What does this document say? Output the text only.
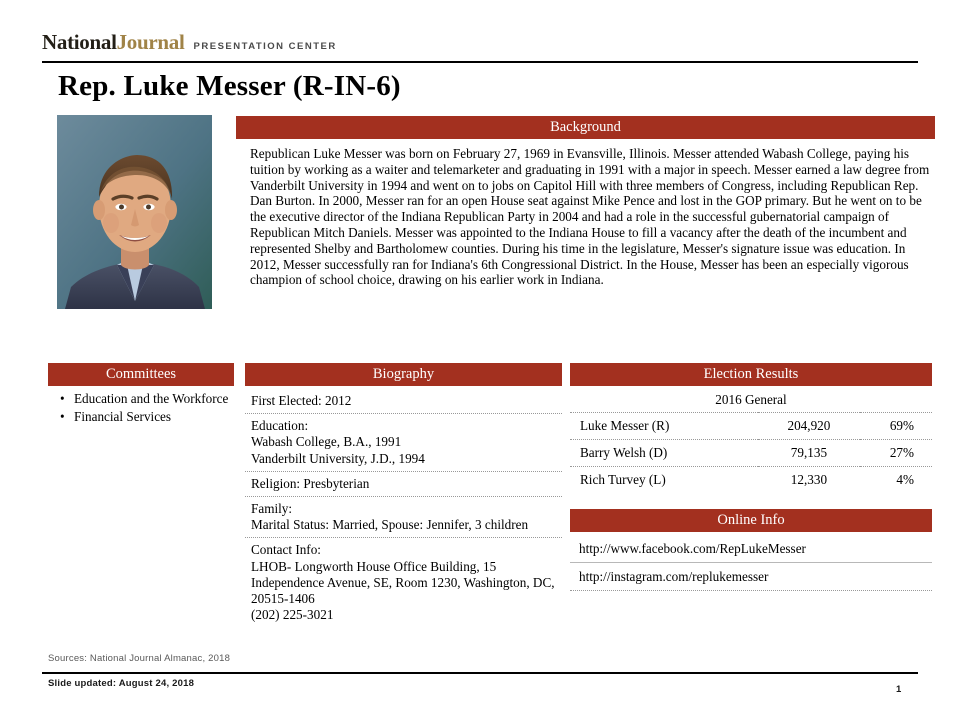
National Journal PRESENTATION CENTER
Rep. Luke Messer (R-IN-6)
Background
Republican Luke Messer was born on February 27, 1969 in Evansville, Illinois. Messer attended Wabash College, paying his tuition by working as a waiter and telemarketer and graduating in 1991 with a major in speech. Messer earned a law degree from Vanderbilt University in 1994 and went on to jobs on Capitol Hill with three members of Congress, including Republican Rep. Dan Burton. In 2000, Messer ran for an open House seat against Mike Pence and lost in the GOP primary. But he went on to be the executive director of the Indiana Republican Party in 2004 and had a role in the successful gubernatorial campaign of Republican Mitch Daniels. Messer was appointed to the Indiana House to fill a vacancy after the death of the incumbent and represented Shelby and Bartholomew counties. During his time in the legislature, Messer's signature issue was education. In 2012, Messer successfully ran for Indiana's 6th Congressional District. In the House, Messer has been an especially vigorous champion of school choice, drawing on his earlier work in Indiana.
Committees
• Education and the Workforce
• Financial Services
Biography
First Elected: 2012
Education:
Wabash College, B.A., 1991
Vanderbilt University, J.D., 1994
Religion: Presbyterian
Family:
Marital Status: Married, Spouse: Jennifer, 3 children
Contact Info:
LHOB- Longworth House Office Building, 15 Independence Avenue, SE, Room 1230, Washington, DC, 20515-1406
(202) 225-3021
Election Results
2016 General		
Luke Messer (R)	204,920	69%
Barry Welsh (D)	79,135	27%
Rich Turvey (L)	12,330	4%
Online Info
http://www.facebook.com/RepLukeMesser
http://instagram.com/replukemesser
Sources: National Journal Almanac, 2018
Slide updated: August 24, 2018
1
